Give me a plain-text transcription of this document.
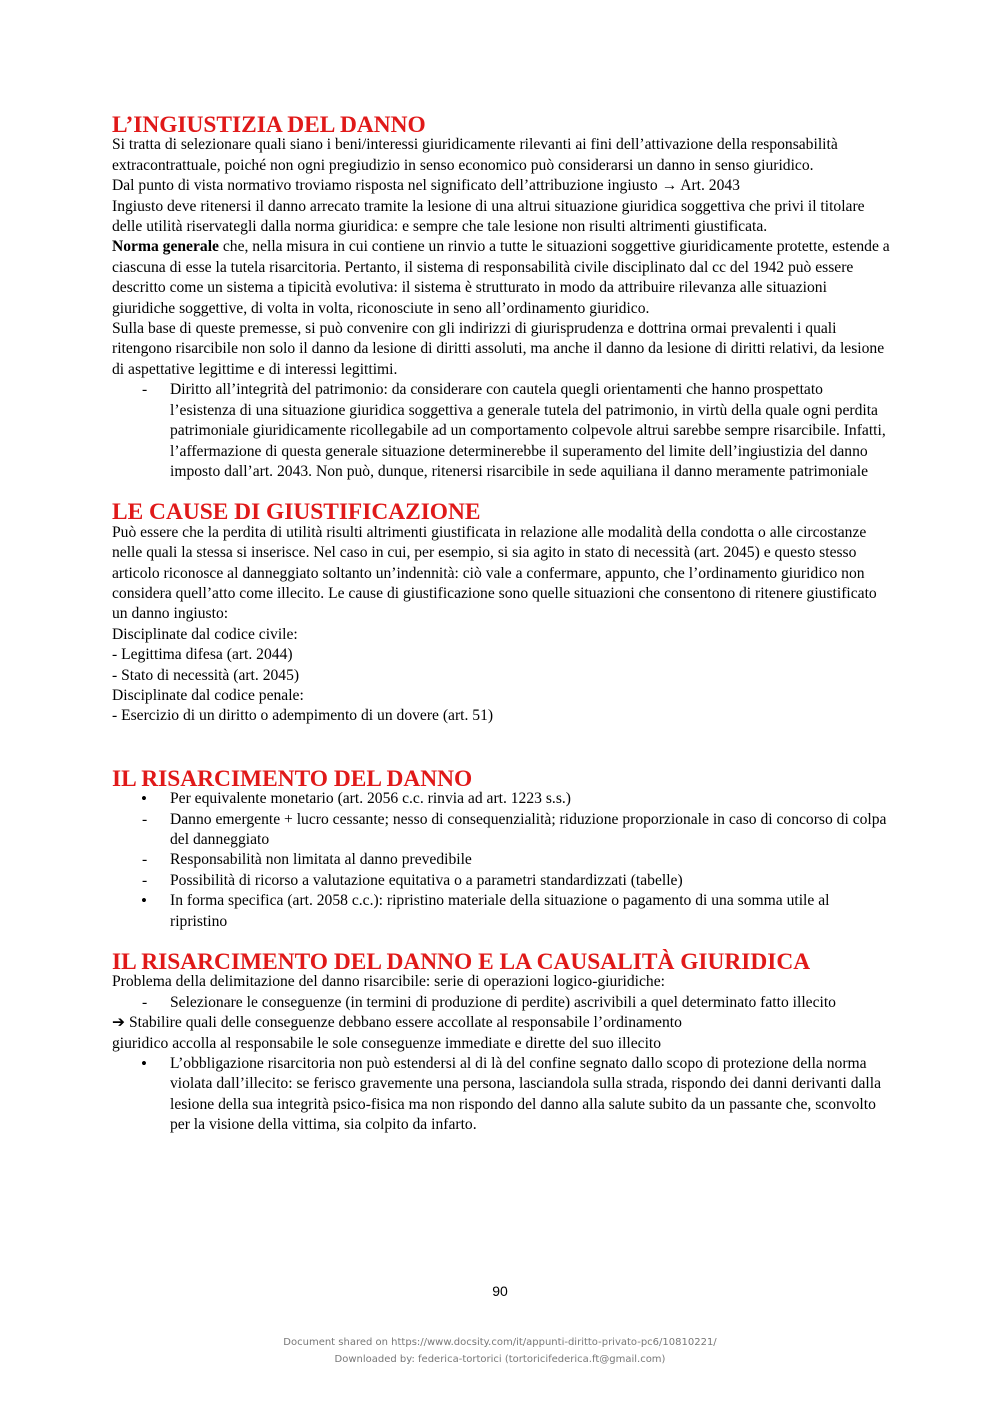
L’INGIUSTIZIA DEL DANNO

Si tratta di selezionare quali siano i beni/interessi giuridicamente rilevanti ai fini dell’attivazione della responsabilità extracontrattuale, poiché non ogni pregiudizio in senso economico può considerarsi un danno in senso giuridico.

Dal punto di vista normativo troviamo risposta nel significato dell’attribuzione ingiusto → Art. 2043

Ingiusto deve ritenersi il danno arrecato tramite la lesione di una altrui situazione giuridica soggettiva che privi il titolare delle utilità riservategli dalla norma giuridica: e sempre che tale lesione non risulti altrimenti giustificata.

Norma generale che, nella misura in cui contiene un rinvio a tutte le situazioni soggettive giuridicamente protette, estende a ciascuna di esse la tutela risarcitoria. Pertanto, il sistema di responsabilità civile disciplinato dal cc del 1942 può essere descritto come un sistema a tipicità evolutiva: il sistema è strutturato in modo da attribuire rilevanza alle situazioni giuridiche soggettive, di volta in volta, riconosciute in seno all’ordinamento giuridico.

Sulla base di queste premesse, si può convenire con gli indirizzi di giurisprudenza e dottrina ormai prevalenti i quali ritengono risarcibile non solo il danno da lesione di diritti assoluti, ma anche il danno da lesione di diritti relativi, da lesione di aspettative legittime e di interessi legittimi.

- Diritto all’integrità del patrimonio: da considerare con cautela quegli orientamenti che hanno prospettato l’esistenza di una situazione giuridica soggettiva a generale tutela del patrimonio, in virtù della quale ogni perdita patrimoniale giuridicamente ricollegabile ad un comportamento colpevole altrui sarebbe sempre risarcibile. Infatti, l’affermazione di questa generale situazione determinerebbe il superamento del limite dell’ingiustizia del danno imposto dall’art. 2043. Non può, dunque, ritenersi risarcibile in sede aquiliana il danno meramente patrimoniale
LE CAUSE DI GIUSTIFICAZIONE

Può essere che la perdita di utilità risulti altrimenti giustificata in relazione alle modalità della condotta o alle circostanze nelle quali la stessa si inserisce. Nel caso in cui, per esempio, si sia agito in stato di necessità (art. 2045) e questo stesso articolo riconosce al danneggiato soltanto un’indennità: ciò vale a confermare, appunto, che l’ordinamento giuridico non considera quell’atto come illecito. Le cause di giustificazione sono quelle situazioni che consentono di ritenere giustificato un danno ingiusto:

Disciplinate dal codice civile:

- Legittima difesa (art. 2044)

- Stato di necessità (art. 2045)

Disciplinate dal codice penale:

- Esercizio di un diritto o adempimento di un dovere (art. 51)

IL RISARCIMENTO DEL DANNO
• Per equivalente monetario (art. 2056 c.c. rinvia ad art. 1223 s.s.)
- Danno emergente + lucro cessante; nesso di consequenzialità; riduzione proporzionale in caso di concorso di colpa del danneggiato
- Responsabilità non limitata al danno prevedibile
- Possibilità di ricorso a valutazione equitativa o a parametri standardizzati (tabelle)
• In forma specifica (art. 2058 c.c.): ripristino materiale della situazione o pagamento di una somma utile al ripristino
IL RISARCIMENTO DEL DANNO E LA CAUSALITÀ GIURIDICA

Problema della delimitazione del danno risarcibile: serie di operazioni logico-giuridiche:

- Selezionare le conseguenze (in termini di produzione di perdite) ascrivibili a quel determinato fatto illecito

➔ Stabilire quali delle conseguenze debbano essere accollate al responsabile l’ordinamento

giuridico accolla al responsabile le sole conseguenze immediate e dirette del suo illecito

• L’obbligazione risarcitoria non può estendersi al di là del confine segnato dallo scopo di protezione della norma violata dall’illecito: se ferisco gravemente una persona, lasciandola sulla strada, rispondo dei danni derivanti dalla lesione della sua integrità psico-fisica ma non rispondo del danno alla salute subito da un passante che, sconvolto per la visione della vittima, sia colpito da infarto.
90
Document shared on https://www.docsity.com/it/appunti-diritto-privato-pc6/10810221/
Downloaded by: federica-tortorici (tortoricifederica.ft@gmail.com)
